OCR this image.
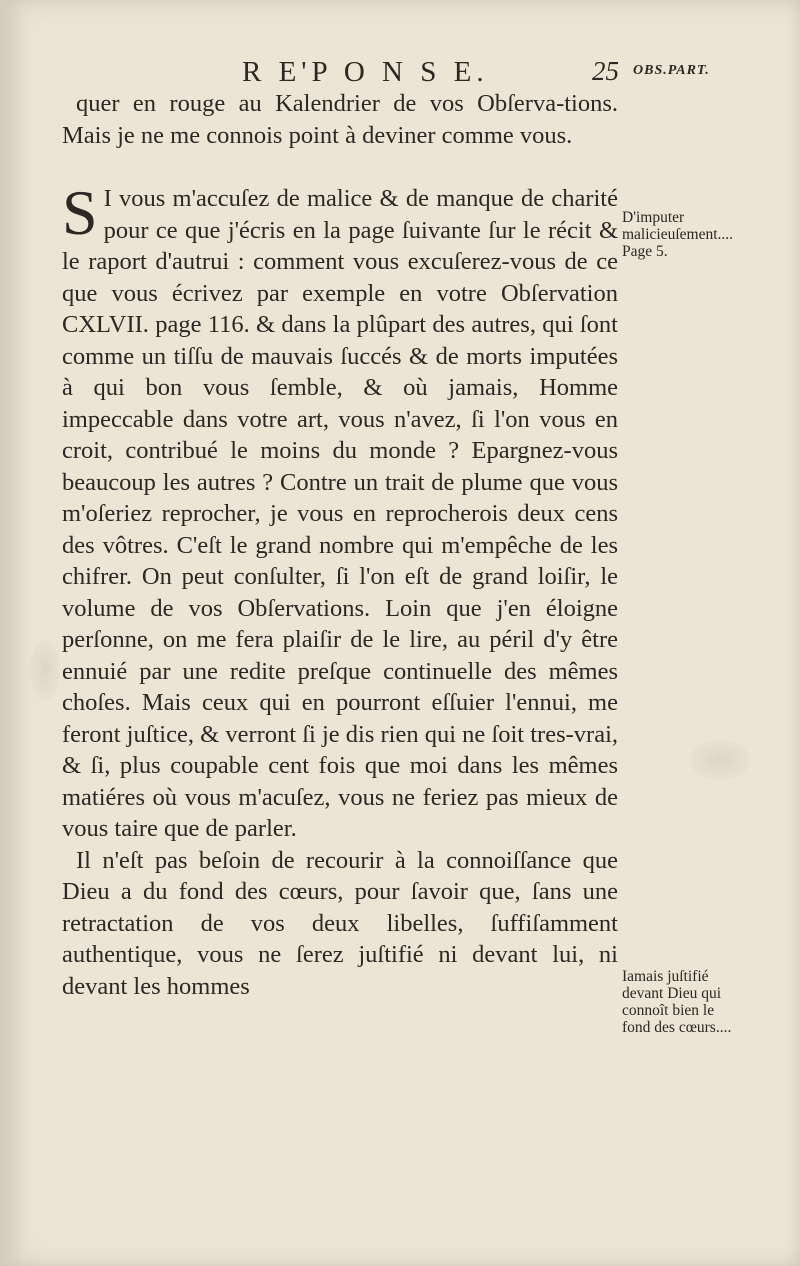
R E'P O N S E.	25 OBS.PART.

quer en rouge au Kalendrier de vos Obſerva-tions. Mais je ne me connois point à deviner comme vous.

S I vous m'accuſez de malice & de manque de charité pour ce que j'écris en la page ſuivante ſur le récit & le raport d'autrui : comment vous excuſerez-vous de ce que vous écrivez par exemple en votre Obſervation CXLVII. page 116. & dans la plûpart des autres, qui ſont comme un tiſſu de mauvais ſuccés & de morts imputées à qui bon vous ſemble, & où jamais, Homme impeccable dans votre art, vous n'avez, ſi l'on vous en croit, contribué le moins du monde ? Epargnez-vous beaucoup les autres ? Contre un trait de plume que vous m'oſeriez reprocher, je vous en reprocherois deux cens des vôtres. C'eſt le grand nombre qui m'empêche de les chifrer. On peut conſulter, ſi l'on eſt de grand loiſir, le volume de vos Obſervations. Loin que j'en éloigne perſonne, on me fera plaiſir de le lire, au péril d'y être ennuié par une redite preſque continuelle des mêmes choſes. Mais ceux qui en pourront eſſuier l'ennui, me feront juſtice, & verront ſi je dis rien qui ne ſoit tres-vrai, & ſi, plus coupable cent fois que moi dans les mêmes matiéres où vous m'acuſez, vous ne feriez pas mieux de vous taire que de parler.

Il n'eſt pas beſoin de recourir à la connoiſſance que Dieu a du fond des cœurs, pour ſavoir que, ſans une retractation de vos deux libelles, ſuffiſamment authentique, vous ne ſerez juſtifié ni devant lui, ni devant les hommes

D'imputer malicieuſement.... Page 5.

Iamais juſtifié devant Dieu qui connoît bien le fond des cœurs....
